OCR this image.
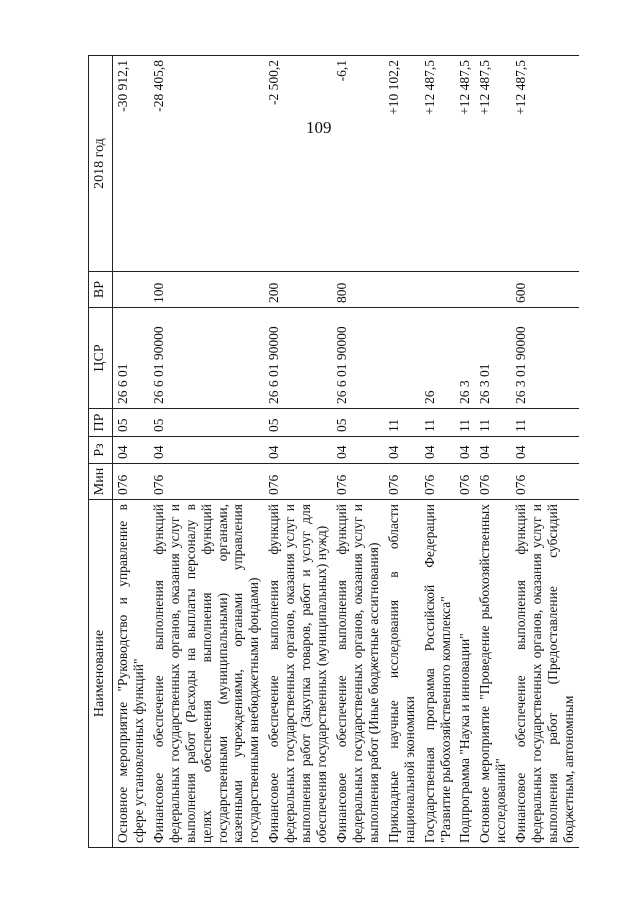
109
Наименование	Мин	Рз	ПР	ЦСР	ВР	2018 год
Основное мероприятие "Руководство и управление в сфере установленных функций"	076	04	05	26 6 01		-30 912,1
Финансовое обеспечение выполнения функций федеральных государственных органов, оказания услуг и выполнения работ (Расходы на выплаты персоналу в целях обеспечения выполнения функций государственными (муниципальными) органами, казенными учреждениями, органами управления государственными внебюджетными фондами)	076	04	05	26 6 01 90000	100	-28 405,8
Финансовое обеспечение выполнения функций федеральных государственных органов, оказания услуг и выполнения работ (Закупка товаров, работ и услуг для обеспечения государственных (муниципальных) нужд)	076	04	05	26 6 01 90000	200	-2 500,2
Финансовое обеспечение выполнения функций федеральных государственных органов, оказания услуг и выполнения работ (Иные бюджетные ассигнования)	076	04	05	26 6 01 90000	800	-6,1
Прикладные научные исследования в области национальной экономики	076	04	11			+10 102,2
Государственная программа Российской Федерации "Развитие рыбохозяйственного комплекса"	076	04	11	26		+12 487,5
Подпрограмма "Наука и инновации"	076	04	11	26 3		+12 487,5
Основное мероприятие "Проведение рыбохозяйственных исследований"	076	04	11	26 3 01		+12 487,5
Финансовое обеспечение выполнения функций федеральных государственных органов, оказания услуг и выполнения работ (Предоставление субсидий бюджетным, автономным	076	04	11	26 3 01 90000	600	+12 487,5
